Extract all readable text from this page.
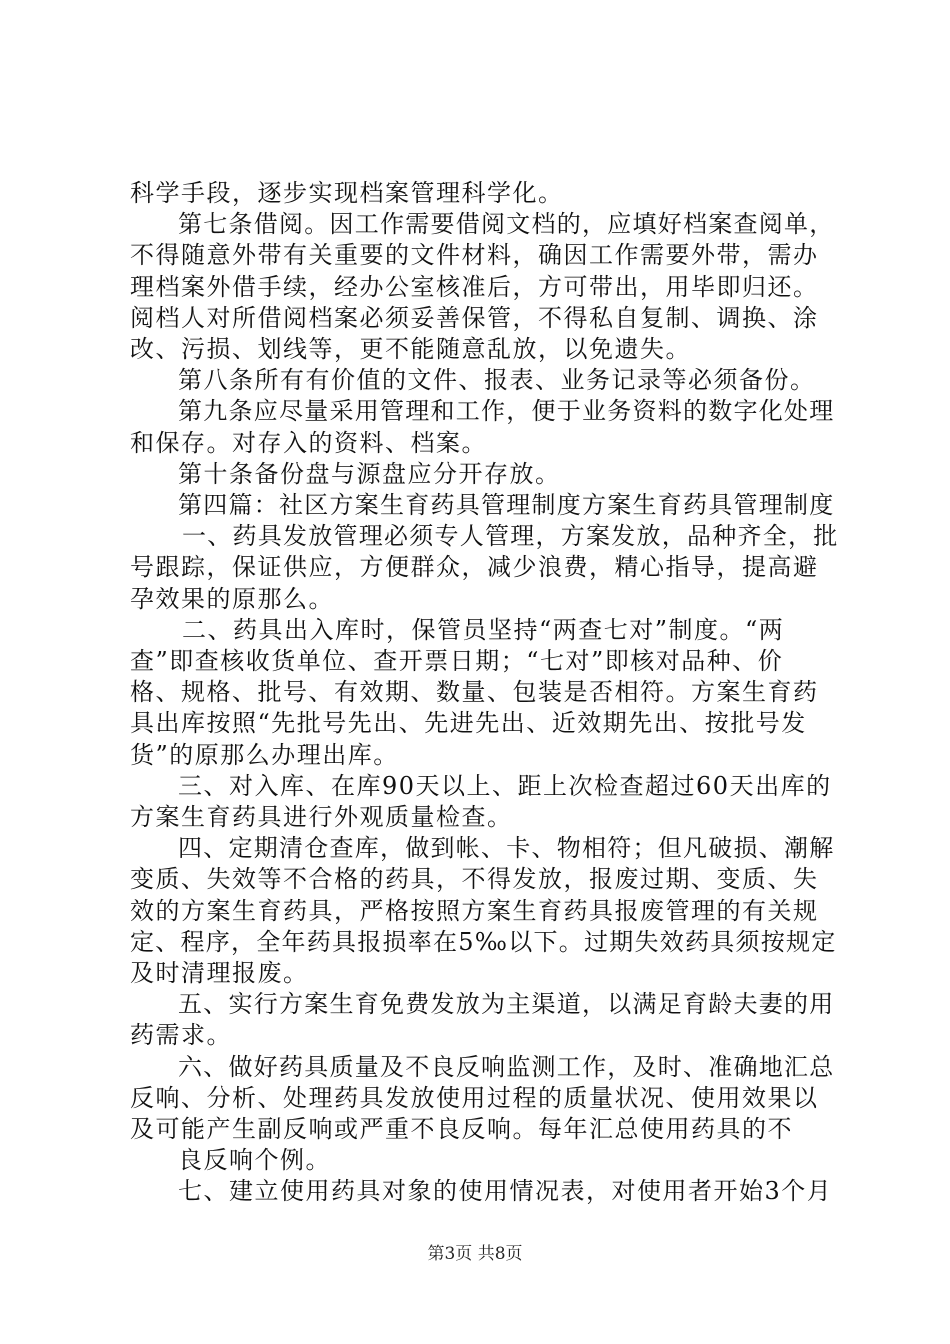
科学手段，逐步实现档案管理科学化。
第七条借阅。因工作需要借阅文档的，应填好档案查阅单，
不得随意外带有关重要的文件材料，确因工作需要外带，需办
理档案外借手续，经办公室核准后，方可带出，用毕即归还。
阅档人对所借阅档案必须妥善保管，不得私自复制、调换、涂
改、污损、划线等，更不能随意乱放，以免遗失。
第八条所有有价值的文件、报表、业务记录等必须备份。
第九条应尽量采用管理和工作，便于业务资料的数字化处理
和保存。对存入的资料、档案。
第十条备份盘与源盘应分开存放。
第四篇：社区方案生育药具管理制度方案生育药具管理制度
一、药具发放管理必须专人管理，方案发放，品种齐全，批
号跟踪，保证供应，方便群众，减少浪费，精心指导，提高避
孕效果的原那么。
二、药具出入库时，保管员坚持“两查七对”制度。“两
查”即查核收货单位、查开票日期；“七对”即核对品种、价
格、规格、批号、有效期、数量、包装是否相符。方案生育药
具出库按照“先批号先出、先进先出、近效期先出、按批号发
货”的原那么办理出库。
三、对入库、在库90天以上、距上次检查超过60天出库的
方案生育药具进行外观质量检查。
四、定期清仓查库，做到帐、卡、物相符；但凡破损、潮解
变质、失效等不合格的药具，不得发放，报废过期、变质、失
效的方案生育药具，严格按照方案生育药具报废管理的有关规
定、程序，全年药具报损率在5‰以下。过期失效药具须按规定
及时清理报废。
五、实行方案生育免费发放为主渠道，以满足育龄夫妻的用
药需求。
六、做好药具质量及不良反响监测工作，及时、准确地汇总
反响、分析、处理药具发放使用过程的质量状况、使用效果以
及可能产生副反响或严重不良反响。每年汇总使用药具的不
良反响个例。
七、建立使用药具对象的使用情况表，对使用者开始3个月
第3页 共8页
